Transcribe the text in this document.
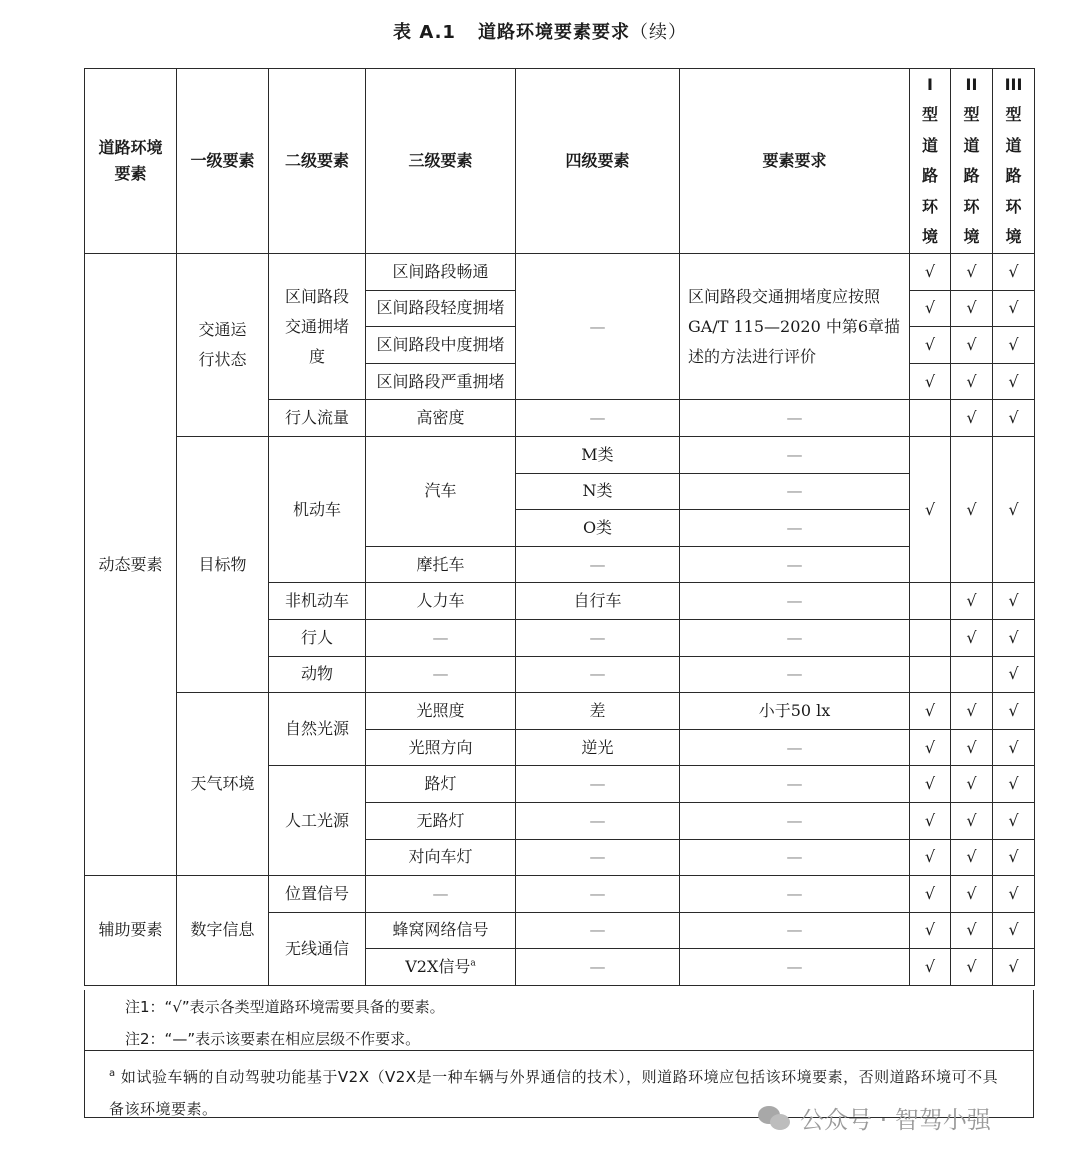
表 A.1 道路环境要素要求（续）
道路环境要素	一级要素	二级要素	三级要素	四级要素	要素要求	I型道路环境	II型道路环境	III型道路环境
动态要素	交通运行状态	区间路段交通拥堵度	区间路段畅通	—	区间路段交通拥堵度应按照GA/T 115—2020 中第6章描述的方法进行评价	√	√	√
			区间路段轻度拥堵			√	√	√
			区间路段中度拥堵			√	√	√
			区间路段严重拥堵			√	√	√
		行人流量	高密度	—	—		√	√
	目标物	机动车	汽车	M类	—	√	√	√
				N类	—			
				O类	—			
			摩托车	—	—			
		非机动车	人力车	自行车	—		√	√
		行人	—	—	—		√	√
		动物	—	—	—			√
	天气环境	自然光源	光照度	差	小于50 lx	√	√	√
			光照方向	逆光	—	√	√	√
		人工光源	路灯	—	—	√	√	√
			无路灯	—	—	√	√	√
			对向车灯	—	—	√	√	√
辅助要素	数字信息	位置信号	—	—	—	√	√	√
		无线通信	蜂窝网络信号	—	—	√	√	√
			V2X信号$^a$	—	—	√	√	√
注1：“√”表示各类型道路环境需要具备的要素。
注2：“—”表示该要素在相应层级不作要求。
$^a$ 如试验车辆的自动驾驶功能基于V2X（V2X是一种车辆与外界通信的技术），则道路环境应包括该环境要素，否则道路环境可不具备该环境要素。	公众号 · 智驾小强
